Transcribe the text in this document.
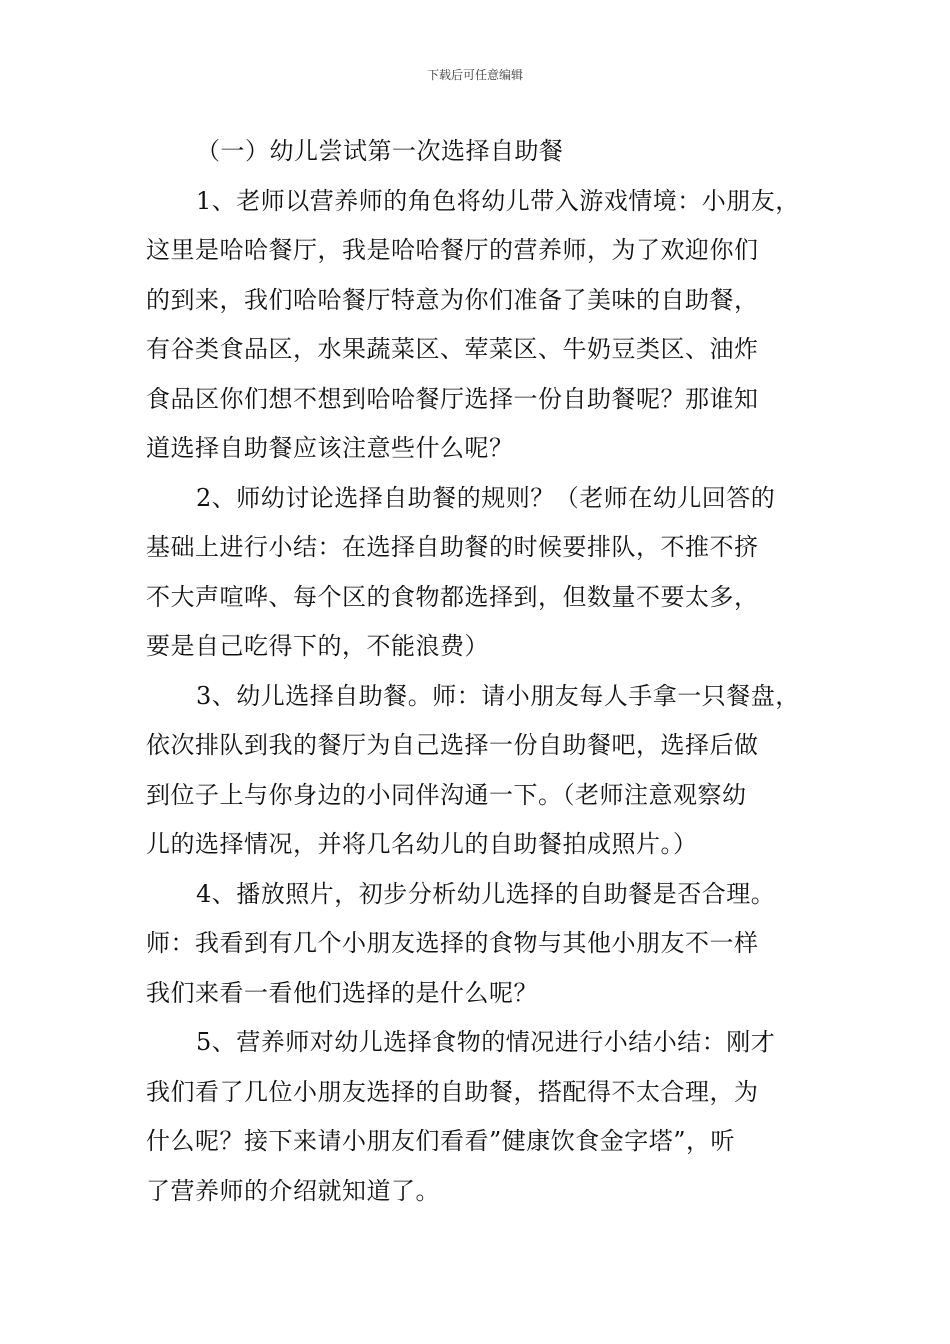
下载后可任意编辑
（一）幼儿尝试第一次选择自助餐
1、老师以营养师的角色将幼儿带入游戏情境：小朋友，
这里是哈哈餐厅，我是哈哈餐厅的营养师，为了欢迎你们
的到来，我们哈哈餐厅特意为你们准备了美味的自助餐，
有谷类食品区，水果蔬菜区、荤菜区、牛奶豆类区、油炸
食品区你们想不想到哈哈餐厅选择一份自助餐呢？那谁知
道选择自助餐应该注意些什么呢？
2、师幼讨论选择自助餐的规则？（老师在幼儿回答的
基础上进行小结：在选择自助餐的时候要排队，不推不挤
不大声喧哗、每个区的食物都选择到，但数量不要太多，
要是自己吃得下的，不能浪费）
3、幼儿选择自助餐。师：请小朋友每人手拿一只餐盘，
依次排队到我的餐厅为自己选择一份自助餐吧，选择后做
到位子上与你身边的小同伴沟通一下。（老师注意观察幼
儿的选择情况，并将几名幼儿的自助餐拍成照片。）
4、播放照片，初步分析幼儿选择的自助餐是否合理。
师：我看到有几个小朋友选择的食物与其他小朋友不一样
我们来看一看他们选择的是什么呢？
5、营养师对幼儿选择食物的情况进行小结小结：刚才
我们看了几位小朋友选择的自助餐，搭配得不太合理，为
什么呢？接下来请小朋友们看看”健康饮食金字塔”，听
了营养师的介绍就知道了。
